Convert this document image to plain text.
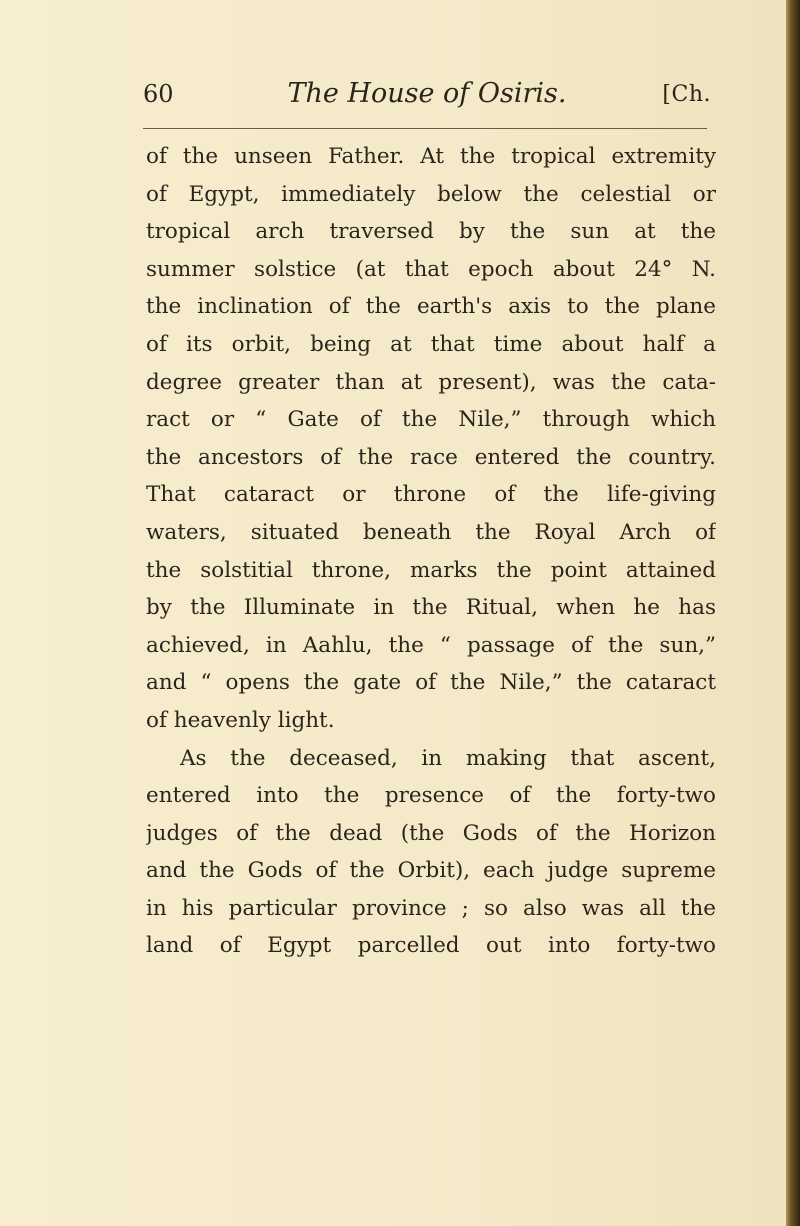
60	The House of Osiris.	[Ch.
of the unseen Father. At the tropical extremity
of Egypt, immediately below the celestial or
tropical arch traversed by the sun at the
summer solstice (at that epoch about 24° N.
the inclination of the earth's axis to the plane
of its orbit, being at that time about half a
degree greater than at present), was the cata-
ract or “ Gate of the Nile,” through which
the ancestors of the race entered the country.
That cataract or throne of the life-giving
waters, situated beneath the Royal Arch of
the solstitial throne, marks the point attained
by the Illuminate in the Ritual, when he has
achieved, in Aahlu, the “ passage of the sun,”
and “ opens the gate of the Nile,” the cataract
of heavenly light.
As the deceased, in making that ascent,
entered into the presence of the forty-two
judges of the dead (the Gods of the Horizon
and the Gods of the Orbit), each judge supreme
in his particular province ; so also was all the
land of Egypt parcelled out into forty-two
